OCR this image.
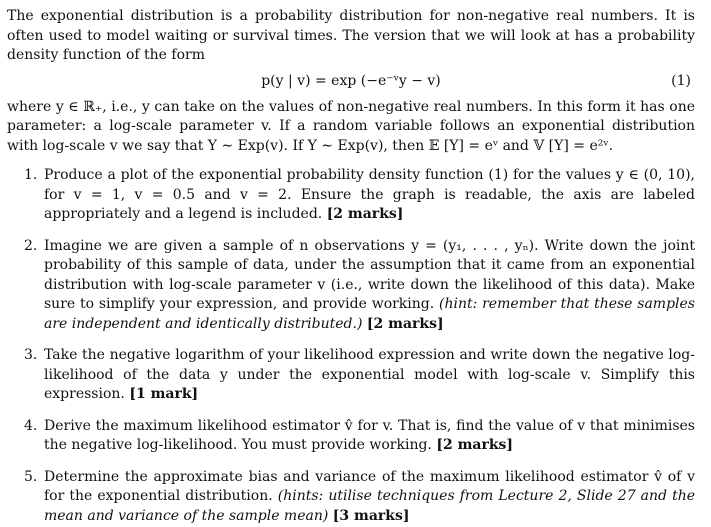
The exponential distribution is a probability distribution for non-negative real numbers. It is often used to model waiting or survival times. The version that we will look at has a probability density function of the form

p(y | v) = exp (−e⁻ᵛy − v)	(1)

where y ∈ ℝ₊, i.e., y can take on the values of non-negative real numbers. In this form it has one parameter: a log-scale parameter v. If a random variable follows an exponential distribution with log-scale v we say that Y ∼ Exp(v). If Y ∼ Exp(v), then 𝔼 [Y] = eᵛ and 𝕍 [Y] = e²ᵛ.

1. Produce a plot of the exponential probability density function (1) for the values y ∈ (0, 10), for v = 1, v = 0.5 and v = 2. Ensure the graph is readable, the axis are labeled appropriately and a legend is included. [2 marks]
2. Imagine we are given a sample of n observations y = (y₁, . . . , yₙ). Write down the joint probability of this sample of data, under the assumption that it came from an exponential distribution with log-scale parameter v (i.e., write down the likelihood of this data). Make sure to simplify your expression, and provide working. (hint: remember that these samples are independent and identically distributed.) [2 marks]
3. Take the negative logarithm of your likelihood expression and write down the negative log-likelihood of the data y under the exponential model with log-scale v. Simplify this expression. [1 mark]
4. Derive the maximum likelihood estimator v̂ for v. That is, find the value of v that minimises the negative log-likelihood. You must provide working. [2 marks]
5. Determine the approximate bias and variance of the maximum likelihood estimator v̂ of v for the exponential distribution. (hints: utilise techniques from Lecture 2, Slide 27 and the mean and variance of the sample mean) [3 marks]
